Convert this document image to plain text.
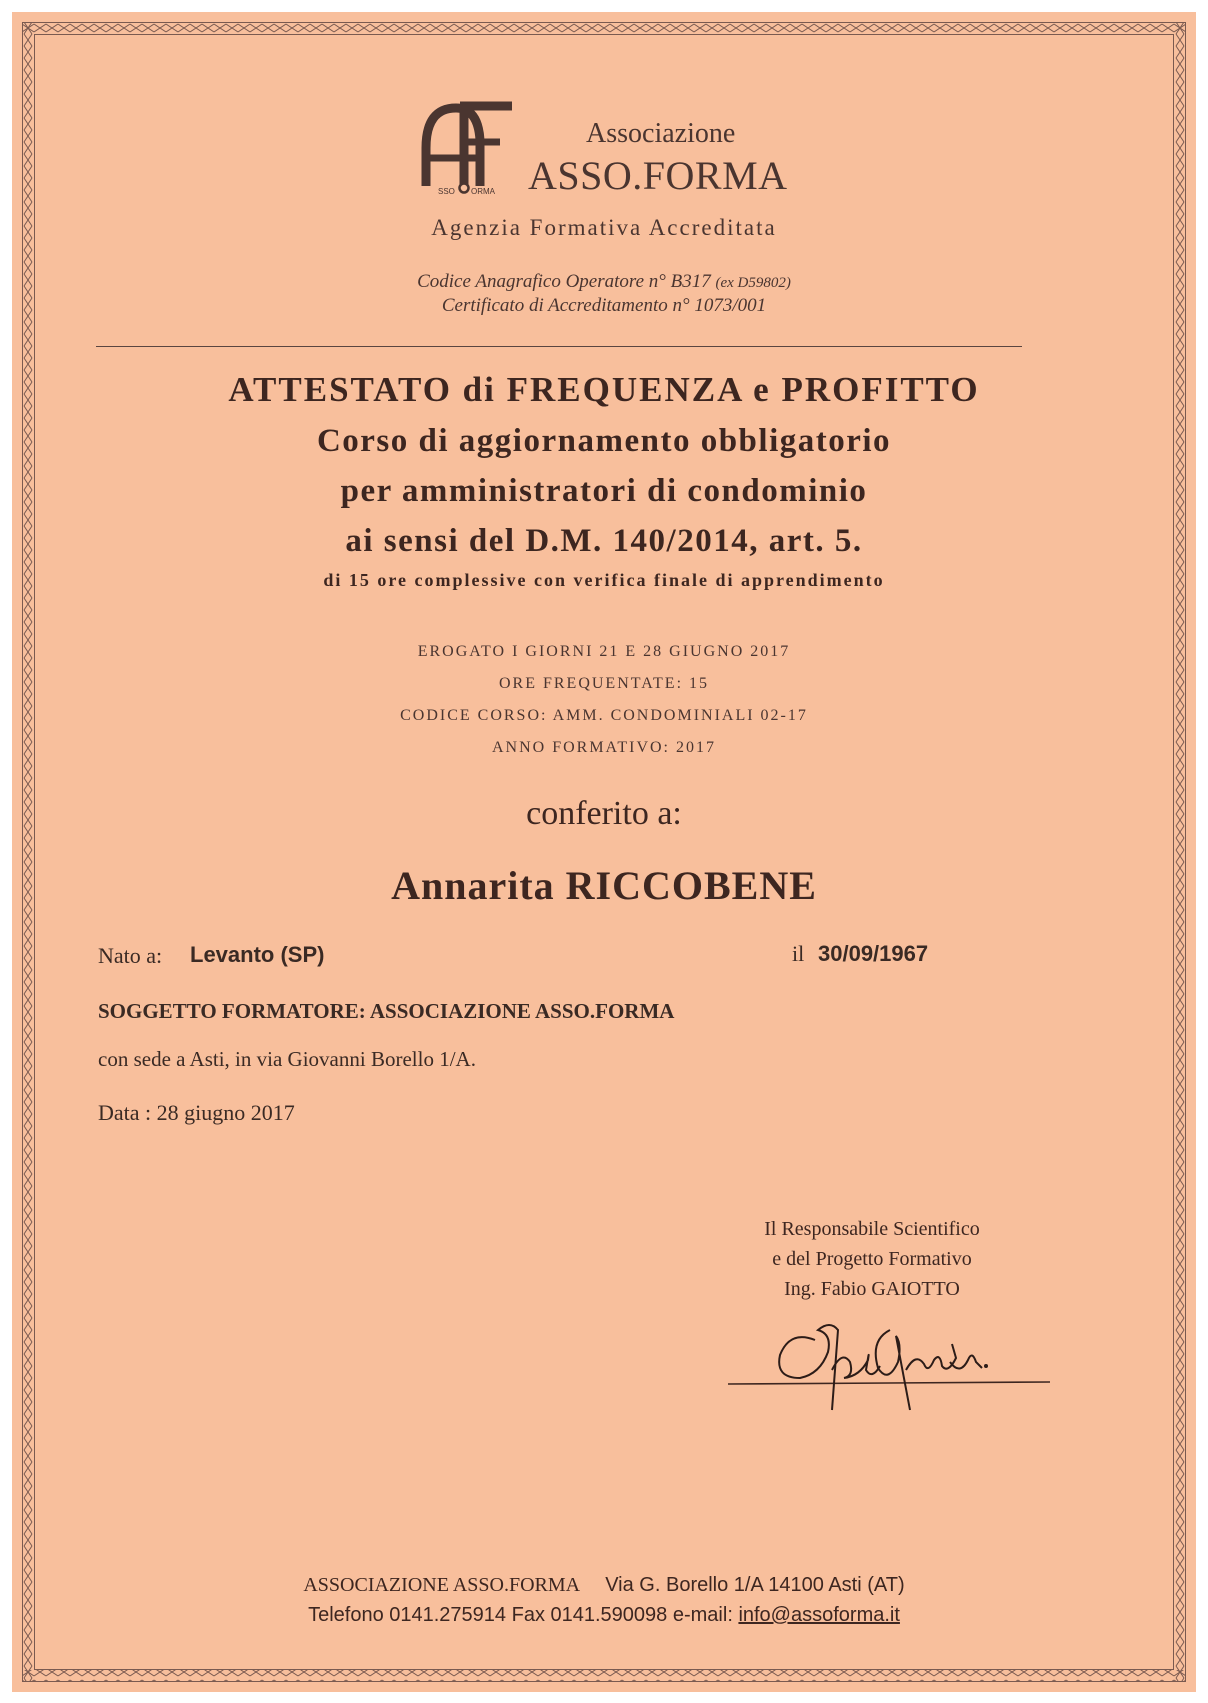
SSO ORMA
Associazione
ASSO.FORMA
Agenzia Formativa Accreditata
Codice Anagrafico Operatore n° B317 (ex D59802)
Certificato di Accreditamento n° 1073/001
ATTESTATO di FREQUENZA e PROFITTO
Corso di aggiornamento obbligatorio
per amministratori di condominio
ai sensi del D.M. 140/2014, art. 5.
di 15 ore complessive con verifica finale di apprendimento
EROGATO I GIORNI 21 E 28 GIUGNO 2017
ORE FREQUENTATE: 15
CODICE CORSO: AMM. CONDOMINIALI 02-17
ANNO FORMATIVO: 2017
conferito a:
Annarita RICCOBENE
Nato a: Levanto (SP)	il 30/09/1967
SOGGETTO FORMATORE: ASSOCIAZIONE ASSO.FORMA
con sede a Asti, in via Giovanni Borello 1/A.
Data : 28 giugno 2017
Il Responsabile Scientifico
e del Progetto Formativo
Ing. Fabio GAIOTTO
ASSOCIAZIONE ASSO.FORMA Via G. Borello 1/A 14100 Asti (AT)
Telefono 0141.275914 Fax 0141.590098 e-mail: info@assoforma.it
